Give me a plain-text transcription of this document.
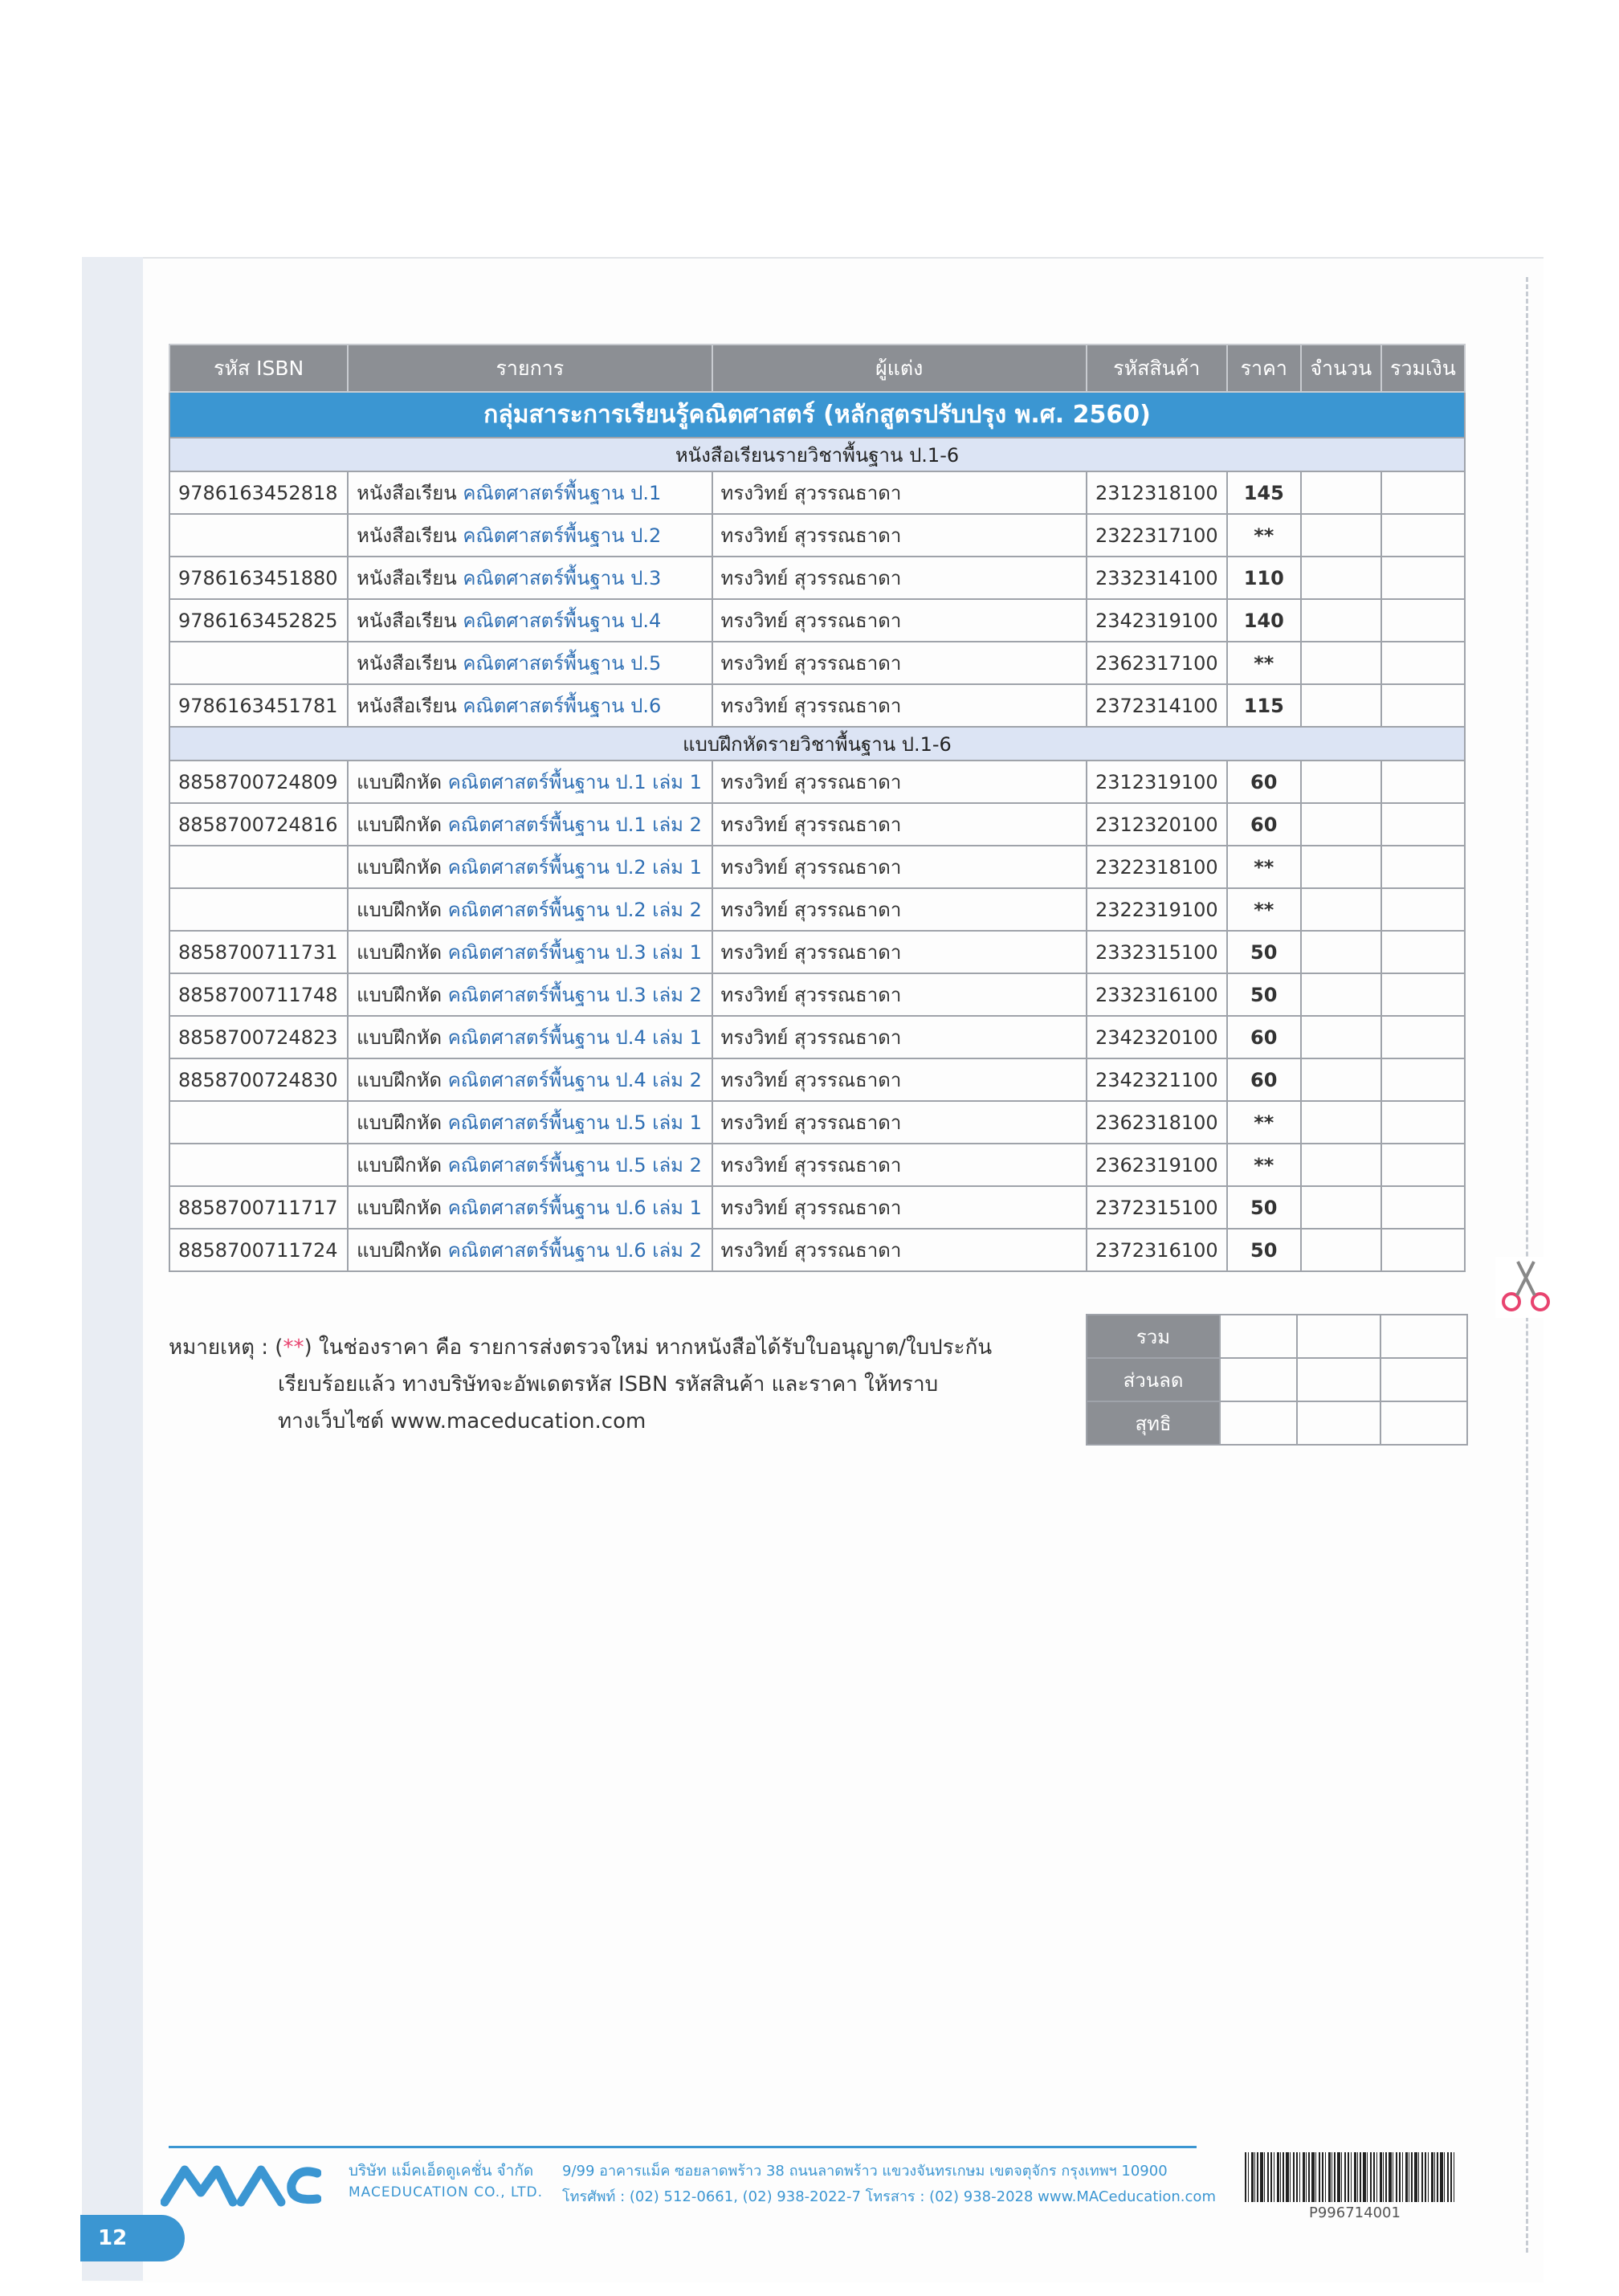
รหัส ISBN	รายการ	ผู้แต่ง	รหัสสินค้า	ราคา	จำนวน	รวมเงิน
กลุ่มสาระการเรียนรู้คณิตศาสตร์ (หลักสูตรปรับปรุง พ.ศ. 2560)						
หนังสือเรียนรายวิชาพื้นฐาน ป.1-6						
9786163452818	หนังสือเรียน คณิตศาสตร์พื้นฐาน ป.1	ทรงวิทย์ สุวรรณธาดา	2312318100	145		
	หนังสือเรียน คณิตศาสตร์พื้นฐาน ป.2	ทรงวิทย์ สุวรรณธาดา	2322317100	**		
9786163451880	หนังสือเรียน คณิตศาสตร์พื้นฐาน ป.3	ทรงวิทย์ สุวรรณธาดา	2332314100	110		
9786163452825	หนังสือเรียน คณิตศาสตร์พื้นฐาน ป.4	ทรงวิทย์ สุวรรณธาดา	2342319100	140		
	หนังสือเรียน คณิตศาสตร์พื้นฐาน ป.5	ทรงวิทย์ สุวรรณธาดา	2362317100	**		
9786163451781	หนังสือเรียน คณิตศาสตร์พื้นฐาน ป.6	ทรงวิทย์ สุวรรณธาดา	2372314100	115		
แบบฝึกหัดรายวิชาพื้นฐาน ป.1-6						
8858700724809	แบบฝึกหัด คณิตศาสตร์พื้นฐาน ป.1 เล่ม 1	ทรงวิทย์ สุวรรณธาดา	2312319100	60		
8858700724816	แบบฝึกหัด คณิตศาสตร์พื้นฐาน ป.1 เล่ม 2	ทรงวิทย์ สุวรรณธาดา	2312320100	60		
	แบบฝึกหัด คณิตศาสตร์พื้นฐาน ป.2 เล่ม 1	ทรงวิทย์ สุวรรณธาดา	2322318100	**		
	แบบฝึกหัด คณิตศาสตร์พื้นฐาน ป.2 เล่ม 2	ทรงวิทย์ สุวรรณธาดา	2322319100	**		
8858700711731	แบบฝึกหัด คณิตศาสตร์พื้นฐาน ป.3 เล่ม 1	ทรงวิทย์ สุวรรณธาดา	2332315100	50		
8858700711748	แบบฝึกหัด คณิตศาสตร์พื้นฐาน ป.3 เล่ม 2	ทรงวิทย์ สุวรรณธาดา	2332316100	50		
8858700724823	แบบฝึกหัด คณิตศาสตร์พื้นฐาน ป.4 เล่ม 1	ทรงวิทย์ สุวรรณธาดา	2342320100	60		
8858700724830	แบบฝึกหัด คณิตศาสตร์พื้นฐาน ป.4 เล่ม 2	ทรงวิทย์ สุวรรณธาดา	2342321100	60		
	แบบฝึกหัด คณิตศาสตร์พื้นฐาน ป.5 เล่ม 1	ทรงวิทย์ สุวรรณธาดา	2362318100	**		
	แบบฝึกหัด คณิตศาสตร์พื้นฐาน ป.5 เล่ม 2	ทรงวิทย์ สุวรรณธาดา	2362319100	**		
8858700711717	แบบฝึกหัด คณิตศาสตร์พื้นฐาน ป.6 เล่ม 1	ทรงวิทย์ สุวรรณธาดา	2372315100	50		
8858700711724	แบบฝึกหัด คณิตศาสตร์พื้นฐาน ป.6 เล่ม 2	ทรงวิทย์ สุวรรณธาดา	2372316100	50		
หมายเหตุ : (**) ในช่องราคา คือ รายการส่งตรวจใหม่ หากหนังสือได้รับใบอนุญาต/ใบประกัน
เรียบร้อยแล้ว ทางบริษัทจะอัพเดตรหัส ISBN รหัสสินค้า และราคา ให้ทราบ
ทางเว็บไซต์ www.maceducation.com
รวม			
ส่วนลด			
สุทธิ			
บริษัท แม็คเอ็ดดูเคชั่น จำกัด
MACEDUCATION CO., LTD.
9/99 อาคารแม็ค ซอยลาดพร้าว 38 ถนนลาดพร้าว แขวงจันทรเกษม เขตจตุจักร กรุงเทพฯ 10900
โทรศัพท์ : (02) 512-0661, (02) 938-2022-7 โทรสาร : (02) 938-2028 www.MACeducation.com
P996714001
12
